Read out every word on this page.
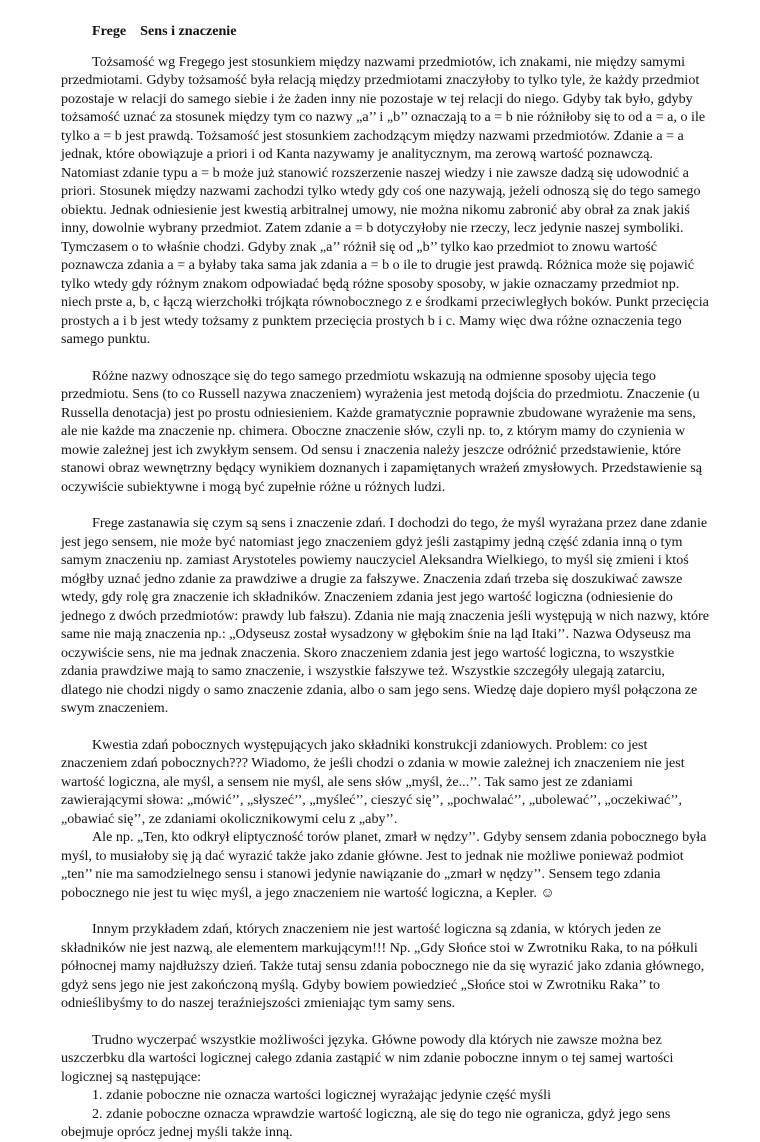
Frege Sens i znaczenie

Tożsamość wg Fregego jest stosunkiem między nazwami przedmiotów, ich znakami, nie między samymi przedmiotami. Gdyby tożsamość była relacją między przedmiotami znaczyłoby to tylko tyle, że każdy przedmiot pozostaje w relacji do samego siebie i że żaden inny nie pozostaje w tej relacji do niego. Gdyby tak było, gdyby tożsamość uznać za stosunek między tym co nazwy „a’’ i „b’’ oznaczają to a = b nie różniłoby się to od a = a, o ile tylko a = b jest prawdą. Tożsamość jest stosunkiem zachodzącym między nazwami przedmiotów. Zdanie a = a jednak, które obowiązuje a priori i od Kanta nazywamy je analitycznym, ma zerową wartość poznawczą. Natomiast zdanie typu a = b może już stanowić rozszerzenie naszej wiedzy i nie zawsze dadzą się udowodnić a priori. Stosunek między nazwami zachodzi tylko wtedy gdy coś one nazywają, jeżeli odnoszą się do tego samego obiektu. Jednak odniesienie jest kwestią arbitralnej umowy, nie można nikomu zabronić aby obrał za znak jakiś inny, dowolnie wybrany przedmiot. Zatem zdanie a = b dotyczyłoby nie rzeczy, lecz jedynie naszej symboliki. Tymczasem o to właśnie chodzi. Gdyby znak „a’’ różnił się od „b’’ tylko kao przedmiot to znowu wartość poznawcza zdania a = a byłaby taka sama jak zdania a = b o ile to drugie jest prawdą. Różnica może się pojawić tylko wtedy gdy różnym znakom odpowiadać będą różne sposoby sposoby, w jakie oznaczamy przedmiot np. niech prste a, b, c łączą wierzchołki trójkąta równobocznego z e środkami przeciwległych boków. Punkt przecięcia prostych a i b jest wtedy tożsamy z punktem przecięcia prostych b i c. Mamy więc dwa różne oznaczenia tego samego punktu.

Różne nazwy odnoszące się do tego samego przedmiotu wskazują na odmienne sposoby ujęcia tego przedmiotu. Sens (to co Russell nazywa znaczeniem) wyrażenia jest metodą dojścia do przedmiotu. Znaczenie (u Russella denotacja) jest po prostu odniesieniem. Każde gramatycznie poprawnie zbudowane wyrażenie ma sens, ale nie każde ma znaczenie np. chimera. Oboczne znaczenie słów, czyli np. to, z którym mamy do czynienia w mowie zależnej jest ich zwykłym sensem. Od sensu i znaczenia należy jeszcze odróżnić przedstawienie, które stanowi obraz wewnętrzny będący wynikiem doznanych i zapamiętanych wrażeń zmysłowych. Przedstawienie są oczywiście subiektywne i mogą być zupełnie różne u różnych ludzi.

Frege zastanawia się czym są sens i znaczenie zdań. I dochodzi do tego, że myśl wyrażana przez dane zdanie jest jego sensem, nie może być natomiast jego znaczeniem gdyż jeśli zastąpimy jedną część zdania inną o tym samym znaczeniu np. zamiast Arystoteles powiemy nauczyciel Aleksandra Wielkiego, to myśl się zmieni i ktoś mógłby uznać jedno zdanie za prawdziwe a drugie za fałszywe. Znaczenia zdań trzeba się doszukiwać zawsze wtedy, gdy rolę gra znaczenie ich składników. Znaczeniem zdania jest jego wartość logiczna (odniesienie do jednego z dwóch przedmiotów: prawdy lub fałszu). Zdania nie mają znaczenia jeśli występują w nich nazwy, które same nie mają znaczenia np.: „Odyseusz został wysadzony w głębokim śnie na ląd Itaki’’. Nazwa Odyseusz ma oczywiście sens, nie ma jednak znaczenia. Skoro znaczeniem zdania jest jego wartość logiczna, to wszystkie zdania prawdziwe mają to samo znaczenie, i wszystkie fałszywe też. Wszystkie szczegóły ulegają zatarciu, dlatego nie chodzi nigdy o samo znaczenie zdania, albo o sam jego sens. Wiedzę daje dopiero myśl połączona ze swym znaczeniem.

Kwestia zdań pobocznych występujących jako składniki konstrukcji zdaniowych. Problem: co jest znaczeniem zdań pobocznych??? Wiadomo, że jeśli chodzi o zdania w mowie zależnej ich znaczeniem nie jest wartość logiczna, ale myśl, a sensem nie myśl, ale sens słów „myśl, że...’’. Tak samo jest ze zdaniami zawierającymi słowa: „mówić’’, „słyszeć’’, „myśleć’’, cieszyć się’’, „pochwalać’’, „ubolewać’’, „oczekiwać’’, „obawiać się’’, ze zdaniami okolicznikowymi celu z „aby’’.

Ale np. „Ten, kto odkrył eliptyczność torów planet, zmarł w nędzy’’. Gdyby sensem zdania pobocznego była myśl, to musiałoby się ją dać wyrazić także jako zdanie główne. Jest to jednak nie możliwe ponieważ podmiot „ten’’ nie ma samodzielnego sensu i stanowi jedynie nawiązanie do „zmarł w nędzy’’. Sensem tego zdania pobocznego nie jest tu więc myśl, a jego znaczeniem nie wartość logiczna, a Kepler. ☺

Innym przykładem zdań, których znaczeniem nie jest wartość logiczna są zdania, w których jeden ze składników nie jest nazwą, ale elementem markującym!!! Np. „Gdy Słońce stoi w Zwrotniku Raka, to na półkuli północnej mamy najdłuższy dzień. Także tutaj sensu zdania pobocznego nie da się wyrazić jako zdania głównego, gdyż sens jego nie jest zakończoną myślą. Gdyby bowiem powiedzieć „Słońce stoi w Zwrotniku Raka’’ to odnieślibyśmy to do naszej teraźniejszości zmieniając tym samy sens.

Trudno wyczerpać wszystkie możliwości języka. Główne powody dla których nie zawsze można bez uszczerbku dla wartości logicznej całego zdania zastąpić w nim zdanie poboczne innym o tej samej wartości logicznej są następujące:

1. zdanie poboczne nie oznacza wartości logicznej wyrażając jedynie część myśli
2. zdanie poboczne oznacza wprawdzie wartość logiczną, ale się do tego nie ogranicza, gdyż jego sens obejmuje oprócz jednej myśli także inną.
